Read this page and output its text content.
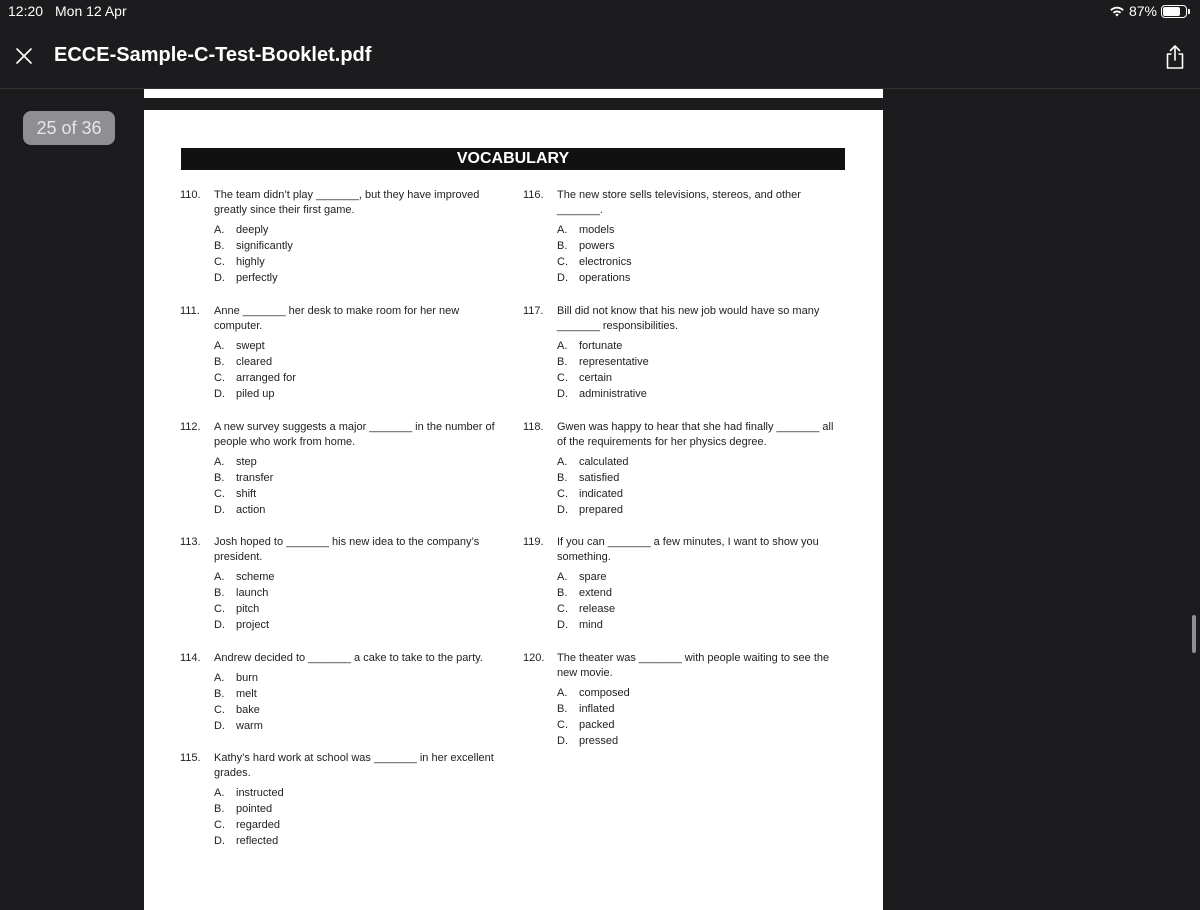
12:20 Mon 12 Apr	87%
ECCE-Sample-C-Test-Booklet.pdf
25 of 36
VOCABULARY
110. The team didn’t play _______, but they have improved greatly since their first game.
A.	deeply
B.	significantly
C.	highly
D.	perfectly
111. Anne _______ her desk to make room for her new computer.
A.	swept
B.	cleared
C.	arranged for
D.	piled up
112. A new survey suggests a major _______ in the number of people who work from home.
A.	step
B.	transfer
C.	shift
D.	action
113. Josh hoped to _______ his new idea to the company’s president.
A.	scheme
B.	launch
C.	pitch
D.	project
114. Andrew decided to _______ a cake to take to the party.
A.	burn
B.	melt
C.	bake
D.	warm
115. Kathy’s hard work at school was _______ in her excellent grades.
A.	instructed
B.	pointed
C.	regarded
D.	reflected
116. The new store sells televisions, stereos, and other _______.
A.	models
B.	powers
C.	electronics
D.	operations
117. Bill did not know that his new job would have so many _______ responsibilities.
A.	fortunate
B.	representative
C.	certain
D.	administrative
118. Gwen was happy to hear that she had finally _______ all of the requirements for her physics degree.
A.	calculated
B.	satisfied
C.	indicated
D.	prepared
119. If you can _______ a few minutes, I want to show you something.
A.	spare
B.	extend
C.	release
D.	mind
120. The theater was _______ with people waiting to see the new movie.
A.	composed
B.	inflated
C.	packed
D.	pressed
